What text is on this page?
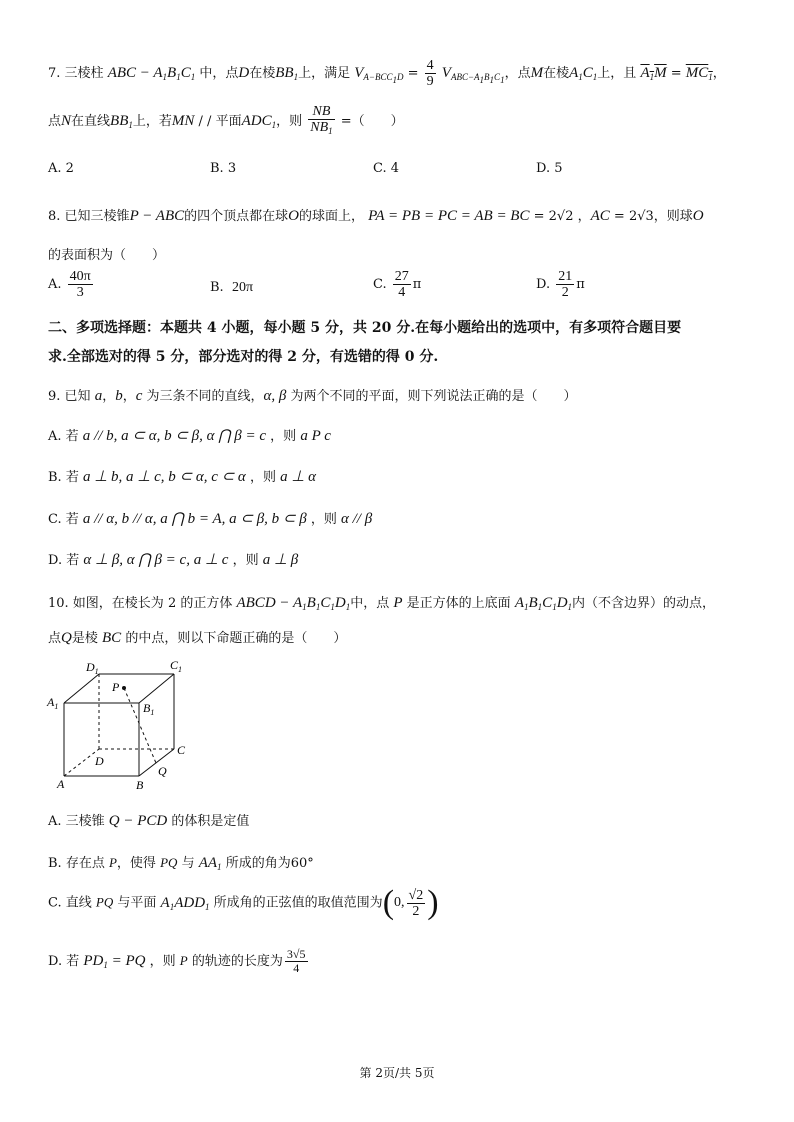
7. 三棱柱 ABC − $A_1B_1C_1$ 中，点D在棱$BB_1$上，满足 $V_{A-BCC_1D} = \frac{4}{9} V_{ABC-A_1B_1C_1}$，点M在棱$A_1C_1$上，且 $A_1M = MC_1$，
点N在直线$BB_1$上，若MN / / 平面$ADC_1$，则 $\frac{NB}{NB_1}$ =（　　）
A. 2	B. 3	C. 4	D. 5
8. 已知三棱锥P − ABC的四个顶点都在球O的球面上， PA = PB = PC = AB = BC = 2√2 ，AC = 2√3，则球O
的表面积为（　　）
A. $\frac{40\pi}{3}$	B. 20π	C. $\frac{27}{4}$ π	D. $\frac{21}{2}$ π
二、多项选择题：本题共 4 小题，每小题 5 分，共 20 分.在每小题给出的选项中，有多项符合题目要
求.全部选对的得 5 分，部分选对的得 2 分，有选错的得 0 分.
9. 已知 a，b，c 为三条不同的直线，α, β 为两个不同的平面，则下列说法正确的是（　　）
A. 若 a // b, a ⊂ α, b ⊂ β, α ⋂ β = c ，则 a P c
B. 若 a ⊥ b, a ⊥ c, b ⊂ α, c ⊂ α ，则 a ⊥ α
C. 若 a // α, b // α, a ⋂ b = A, a ⊂ β, b ⊂ β ，则 α // β
D. 若 α ⊥ β, α ⋂ β = c, a ⊥ c ，则 a ⊥ β
10. 如图，在棱长为 2 的正方体 ABCD − $A_1B_1C_1D_1$中，点 P 是正方体的上底面 $A_1B_1C_1D_1$内（不含边界）的动点，
点Q是棱 BC 的中点，则以下命题正确的是（　　）
$D_1$	$C_1$
P
$A_1$	$B_1$
C
D
Q
A	B
A. 三棱锥 Q − PCD 的体积是定值
B. 存在点 P，使得 PQ 与 $AA_1$ 所成的角为60°
C. 直线 PQ 与平面 $A_1ADD_1$ 所成角的正弦值的取值范围为(0, $\frac{√2}{2}$ )
D. 若 $PD_1$ = PQ ，则 P 的轨迹的长度为 $\frac{3√5}{4}$
第 2页/共 5页
